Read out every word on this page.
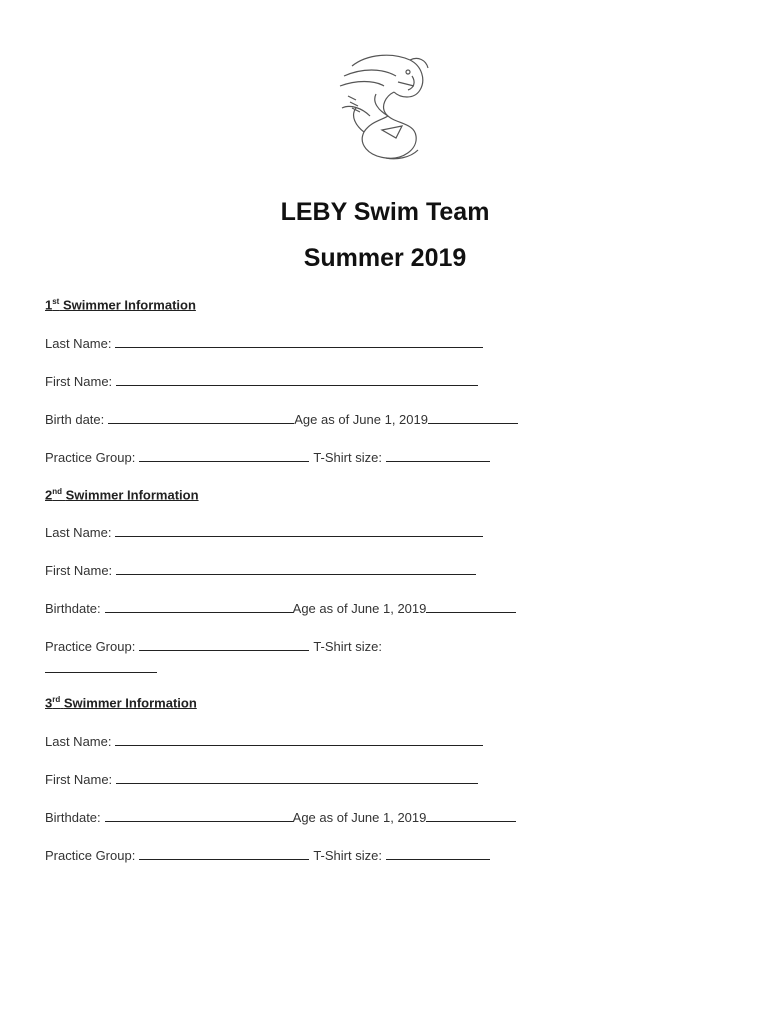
LEBY Swim Team
Summer 2019
1st Swimmer Information
Last Name:
First Name:
Birth date:	Age as of June 1, 2019
Practice Group:	T-Shirt size:
2nd Swimmer Information
Last Name:
First Name:
Birthdate:	Age as of June 1, 2019
Practice Group:	T-Shirt size:
3rd Swimmer Information
Last Name:
First Name:
Birthdate:	Age as of June 1, 2019
Practice Group:	T-Shirt size:
